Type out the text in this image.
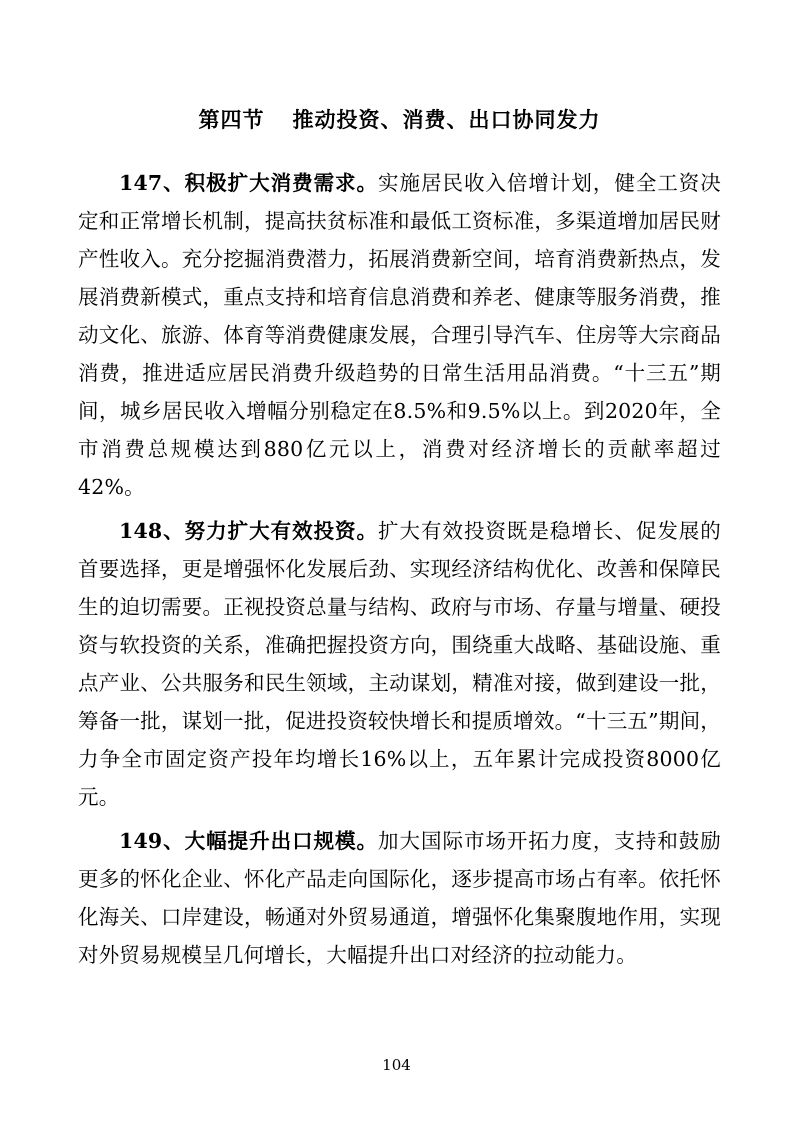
第四节 推动投资、消费、出口协同发力

147、积极扩大消费需求。实施居民收入倍增计划，健全工资决定和正常增长机制，提高扶贫标准和最低工资标准，多渠道增加居民财产性收入。充分挖掘消费潜力，拓展消费新空间，培育消费新热点，发展消费新模式，重点支持和培育信息消费和养老、健康等服务消费，推动文化、旅游、体育等消费健康发展，合理引导汽车、住房等大宗商品消费，推进适应居民消费升级趋势的日常生活用品消费。“十三五”期间，城乡居民收入增幅分别稳定在8.5%和9.5%以上。到2020年，全市消费总规模达到880亿元以上，消费对经济增长的贡献率超过42%。

148、努力扩大有效投资。扩大有效投资既是稳增长、促发展的首要选择，更是增强怀化发展后劲、实现经济结构优化、改善和保障民生的迫切需要。正视投资总量与结构、政府与市场、存量与增量、硬投资与软投资的关系，准确把握投资方向，围绕重大战略、基础设施、重点产业、公共服务和民生领域，主动谋划，精准对接，做到建设一批，筹备一批，谋划一批，促进投资较快增长和提质增效。“十三五”期间，力争全市固定资产投年均增长16%以上，五年累计完成投资8000亿元。

149、大幅提升出口规模。加大国际市场开拓力度，支持和鼓励更多的怀化企业、怀化产品走向国际化，逐步提高市场占有率。依托怀化海关、口岸建设，畅通对外贸易通道，增强怀化集聚腹地作用，实现对外贸易规模呈几何增长，大幅提升出口对经济的拉动能力。

104
